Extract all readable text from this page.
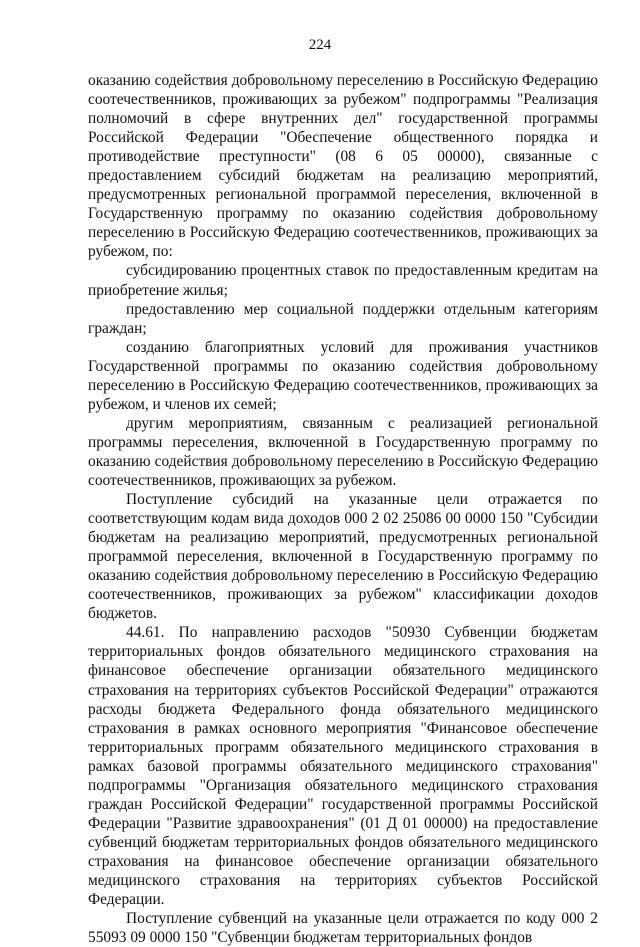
224

оказанию содействия добровольному переселению в Российскую Федерацию соотечественников, проживающих за рубежом" подпрограммы "Реализация полномочий в сфере внутренних дел" государственной программы Российской Федерации "Обеспечение общественного порядка и противодействие преступности" (08 6 05 00000), связанные с предоставлением субсидий бюджетам на реализацию мероприятий, предусмотренных региональной программой переселения, включенной в Государственную программу по оказанию содействия добровольному переселению в Российскую Федерацию соотечественников, проживающих за рубежом, по:

субсидированию процентных ставок по предоставленным кредитам на приобретение жилья;

предоставлению мер социальной поддержки отдельным категориям граждан;

созданию благоприятных условий для проживания участников Государственной программы по оказанию содействия добровольному переселению в Российскую Федерацию соотечественников, проживающих за рубежом, и членов их семей;

другим мероприятиям, связанным с реализацией региональной программы переселения, включенной в Государственную программу по оказанию содействия добровольному переселению в Российскую Федерацию соотечественников, проживающих за рубежом.

Поступление субсидий на указанные цели отражается по соответствующим кодам вида доходов 000 2 02 25086 00 0000 150 "Субсидии бюджетам на реализацию мероприятий, предусмотренных региональной программой переселения, включенной в Государственную программу по оказанию содействия добровольному переселению в Российскую Федерацию соотечественников, проживающих за рубежом" классификации доходов бюджетов.

44.61. По направлению расходов "50930 Субвенции бюджетам территориальных фондов обязательного медицинского страхования на финансовое обеспечение организации обязательного медицинского страхования на территориях субъектов Российской Федерации" отражаются расходы бюджета Федерального фонда обязательного медицинского страхования в рамках основного мероприятия "Финансовое обеспечение территориальных программ обязательного медицинского страхования в рамках базовой программы обязательного медицинского страхования" подпрограммы "Организация обязательного медицинского страхования граждан Российской Федерации" государственной программы Российской Федерации "Развитие здравоохранения" (01 Д 01 00000) на предоставление субвенций бюджетам территориальных фондов обязательного медицинского страхования на финансовое обеспечение организации обязательного медицинского страхования на территориях субъектов Российской Федерации.

Поступление субвенций на указанные цели отражается по коду 000 2 55093 09 0000 150 "Субвенции бюджетам территориальных фондов
